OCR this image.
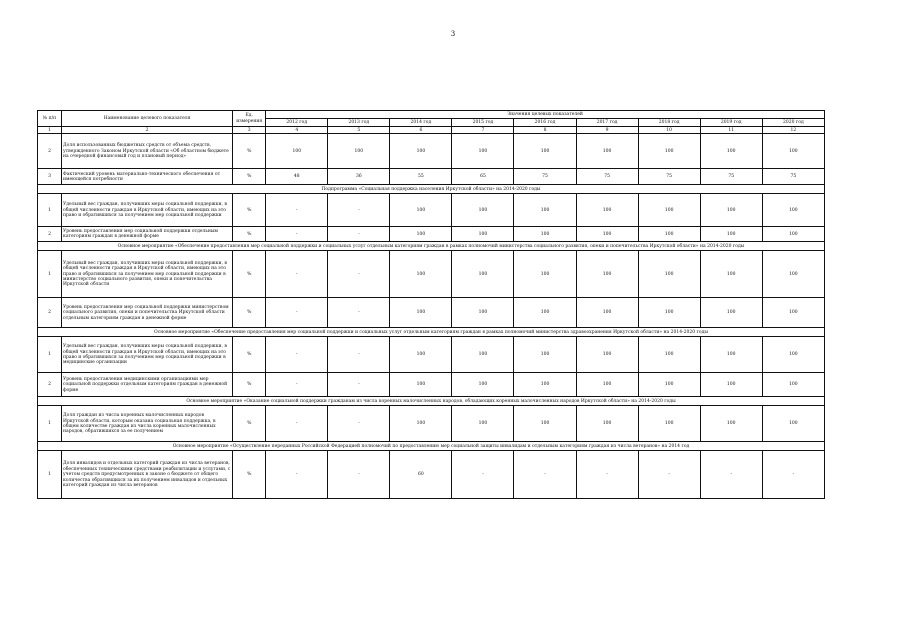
3
№ п/п	Наименование целевого показателя	Ед. измерения	Значения целевых показателей								
			2012 год	2013 год	2014 год	2015 год	2016 год	2017 год	2018 год	2019 год	2020 год
1	2	3	4	5	6	7	8	9	10	11	12
2	Доля использованных бюджетных средств от объема средств, утвержденного Законом Иркутской области «Об областном бюджете на очередной финансовый год и плановый период»	%	100	100	100	100	100	100	100	100	100
3	Фактический уровень материально-технического обеспечения от имеющейся потребности	%	48	36	55	65	75	75	75	75	75
Подпрограмма «Социальная поддержка населения Иркутской области» на 2014-2020 годы											
1	Удельный вес граждан, получивших меры социальной поддержки, в общей численности граждан в Иркутской области, имеющих на это право и обратившихся за получением мер социальной поддержки	%	-	-	100	100	100	100	100	100	100
2	Уровень предоставления мер социальной поддержки отдельным категориям граждан в денежной форме	%	-	-	100	100	100	100	100	100	100
Основное мероприятие «Обеспечение предоставления мер социальной поддержки и социальных услуг отдельным категориям граждан в рамках полномочий министерства социального развития, опеки и попечительства Иркутской области» на 2014-2020 годы											
1	Удельный вес граждан, получивших меры социальной поддержки, в общей численности граждан в Иркутской области, имеющих на это право и обратившихся за получением мер социальной поддержки в министерство социального развития, опеки и попечительства Иркутской области	%	-	-	100	100	100	100	100	100	100
2	Уровень предоставления мер социальной поддержки министерством социального развития, опеки и попечительства Иркутской области отдельным категориям граждан в денежной форме	%	-	-	100	100	100	100	100	100	100
Основное мероприятие «Обеспечение предоставления мер социальной поддержки и социальных услуг отдельным категориям граждан в рамках полномочий министерства здравоохранения Иркутской области» на 2014-2020 годы											
1	Удельный вес граждан, получивших меры социальной поддержки, в общей численности граждан в Иркутской области, имеющих на это право и обратившихся за получением мер социальной поддержки в медицинские организации	%	-	-	100	100	100	100	100	100	100
2	Уровень предоставления медицинскими организациями мер социальной поддержки отдельным категориям граждан в денежной форме	%	-	-	100	100	100	100	100	100	100
Основное мероприятие «Оказание социальной поддержки гражданам из числа коренных малочисленных народов, обладающих коренных малочисленных народов Иркутской области» на 2014-2020 годы											
1	Доля граждан из числа коренных малочисленных народов Иркутской области, которым оказана социальная поддержка, в общем количестве граждан из числа коренных малочисленных народов, обратившихся за ее получением	%	-	-	100	100	100	100	100	100	100
Основное мероприятие «Осуществление переданных Российской Федерацией полномочий по предоставлению мер социальной защиты инвалидам и отдельным категориям граждан из числа ветеранов» на 2014 год											
1	Доля инвалидов и отдельных категорий граждан из числа ветеранов, обеспеченных техническими средствами реабилитации и услугами, с учетом средств предусмотренных в законе о бюджете от общего количества обратившихся за их получением инвалидов и отдельных категорий граждан из числа ветеранов	%	-	-	60	-	-	-	-	-	-
